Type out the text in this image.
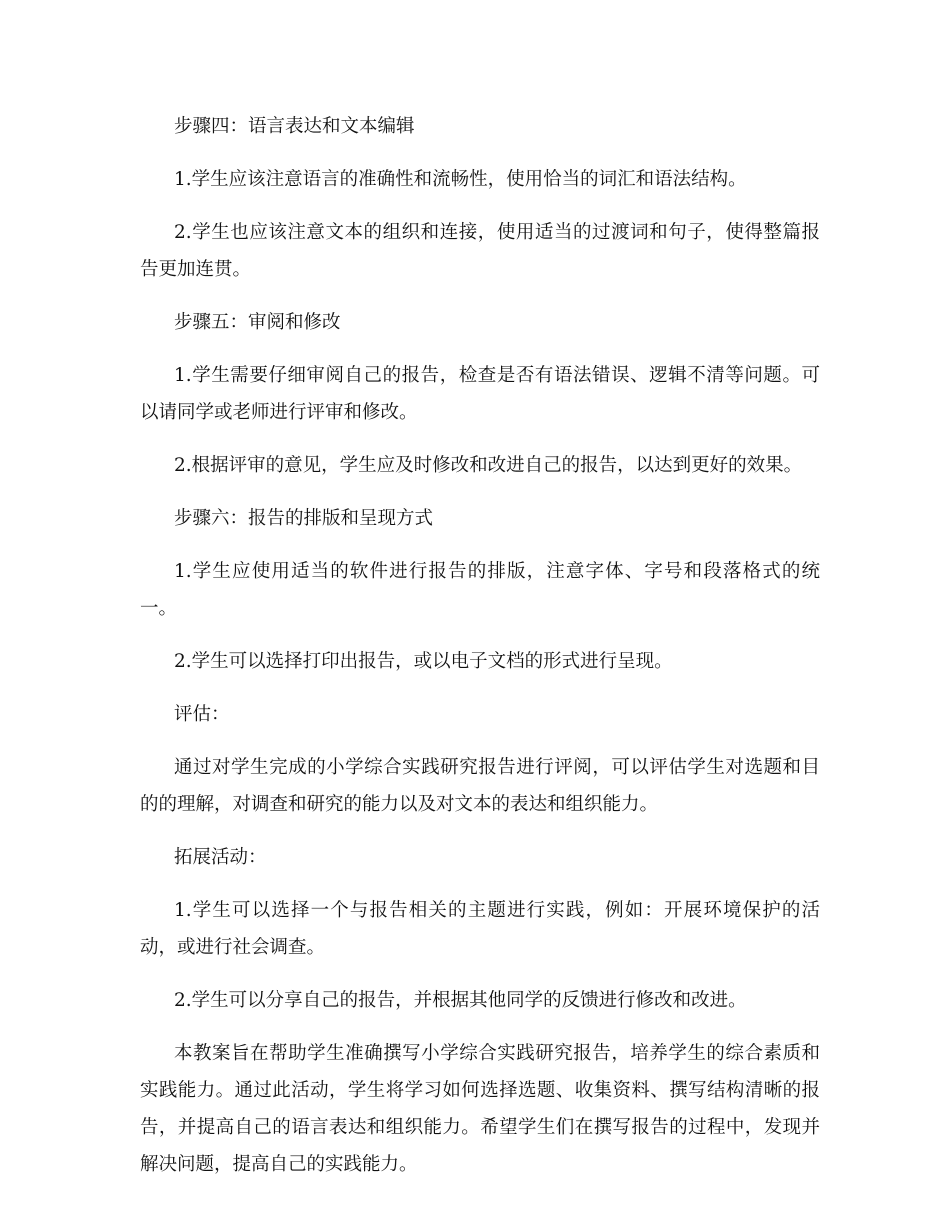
步骤四：语言表达和文本编辑

1.学生应该注意语言的准确性和流畅性，使用恰当的词汇和语法结构。

2.学生也应该注意文本的组织和连接，使用适当的过渡词和句子，使得整篇报告更加连贯。

步骤五：审阅和修改

1.学生需要仔细审阅自己的报告，检查是否有语法错误、逻辑不清等问题。可以请同学或老师进行评审和修改。

2.根据评审的意见，学生应及时修改和改进自己的报告，以达到更好的效果。

步骤六：报告的排版和呈现方式

1.学生应使用适当的软件进行报告的排版，注意字体、字号和段落格式的统一。

2.学生可以选择打印出报告，或以电子文档的形式进行呈现。

评估：

通过对学生完成的小学综合实践研究报告进行评阅，可以评估学生对选题和目的的理解，对调查和研究的能力以及对文本的表达和组织能力。

拓展活动：

1.学生可以选择一个与报告相关的主题进行实践，例如：开展环境保护的活动，或进行社会调查。

2.学生可以分享自己的报告，并根据其他同学的反馈进行修改和改进。

本教案旨在帮助学生准确撰写小学综合实践研究报告，培养学生的综合素质和实践能力。通过此活动，学生将学习如何选择选题、收集资料、撰写结构清晰的报告，并提高自己的语言表达和组织能力。希望学生们在撰写报告的过程中，发现并解决问题，提高自己的实践能力。
